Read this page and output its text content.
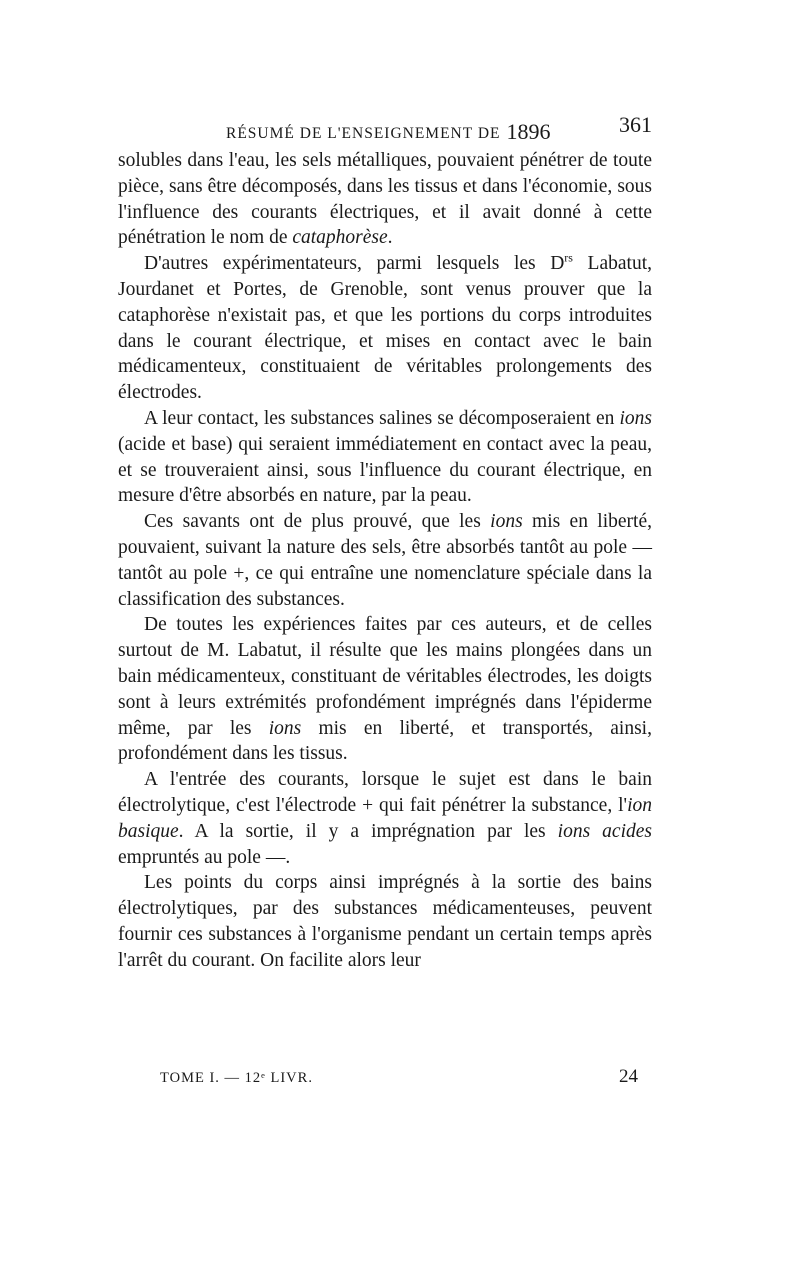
RÉSUMÉ DE L'ENSEIGNEMENT DE 1896	361

solubles dans l'eau, les sels métalliques, pouvaient pénétrer de toute pièce, sans être décomposés, dans les tissus et dans l'économie, sous l'influence des courants électriques, et il avait donné à cette pénétration le nom de cataphorèse.

D'autres expérimentateurs, parmi lesquels les $D^{rs}$ Labatut, Jourdanet et Portes, de Grenoble, sont venus prouver que la cataphorèse n'existait pas, et que les portions du corps introduites dans le courant électrique, et mises en contact avec le bain médicamenteux, constituaient de véritables prolongements des électrodes.

A leur contact, les substances salines se décomposeraient en ions (acide et base) qui seraient immédiatement en contact avec la peau, et se trouveraient ainsi, sous l'influence du courant électrique, en mesure d'être absorbés en nature, par la peau.

Ces savants ont de plus prouvé, que les ions mis en liberté, pouvaient, suivant la nature des sels, être absorbés tantôt au pole — tantôt au pole +, ce qui entraîne une nomenclature spéciale dans la classification des substances.

De toutes les expériences faites par ces auteurs, et de celles surtout de M. Labatut, il résulte que les mains plongées dans un bain médicamenteux, constituant de véritables électrodes, les doigts sont à leurs extrémités profondément imprégnés dans l'épiderme même, par les ions mis en liberté, et transportés, ainsi, profondément dans les tissus.

A l'entrée des courants, lorsque le sujet est dans le bain électrolytique, c'est l'électrode + qui fait pénétrer la substance, l'ion basique. A la sortie, il y a imprégnation par les ions acides empruntés au pole —.

Les points du corps ainsi imprégnés à la sortie des bains électrolytiques, par des substances médicamenteuses, peuvent fournir ces substances à l'organisme pendant un certain temps après l'arrêt du courant. On facilite alors leur

TOME I. — 12ᵉ LIVR.	24
